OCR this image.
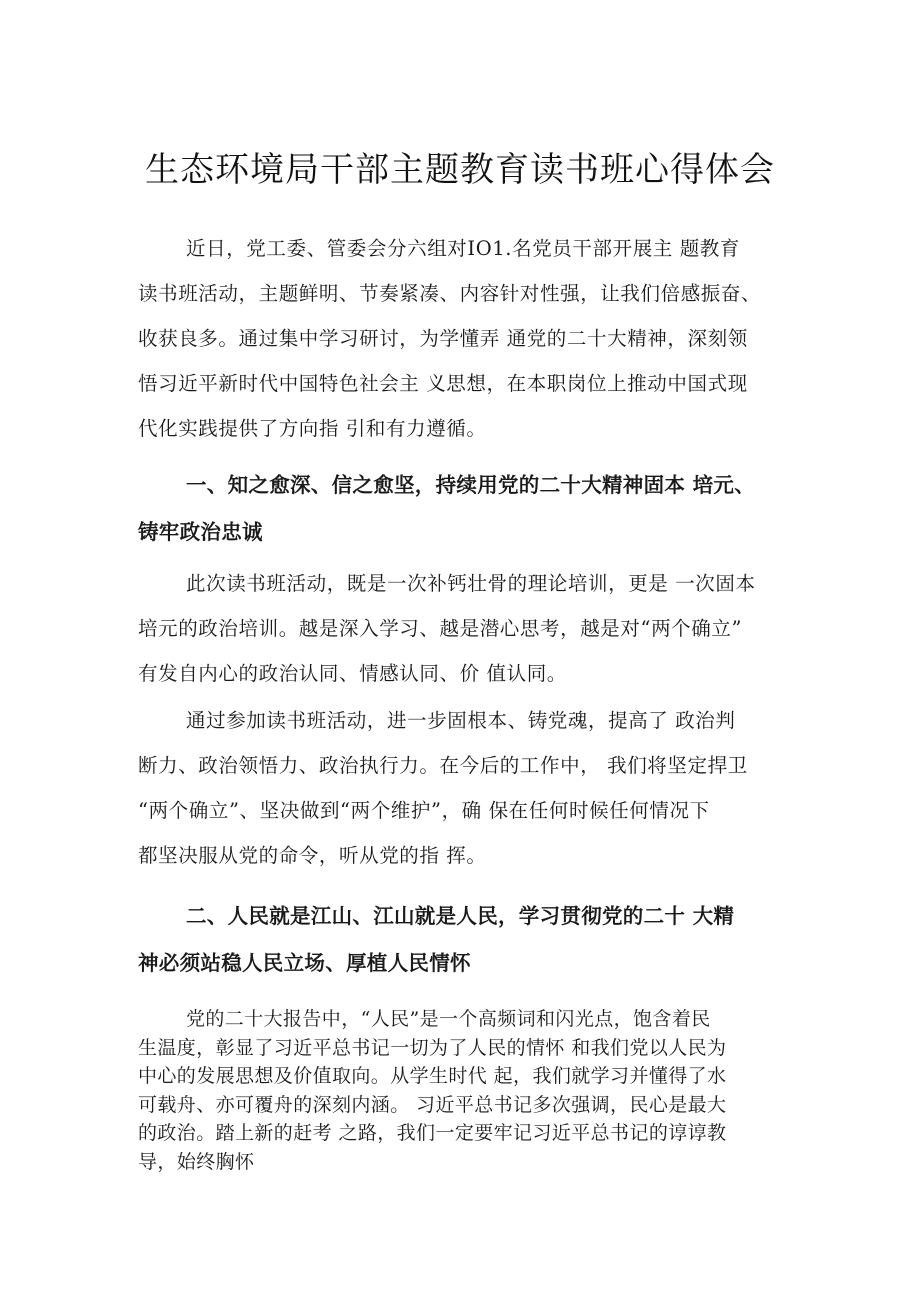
生态环境局干部主题教育读书班心得体会
近日，党工委、管委会分六组对IO1.名党员干部开展主 题教育
读书班活动，主题鲜明、节奏紧凑、内容针对性强，让我们倍感振奋、
收获良多。通过集中学习研讨，为学懂弄 通党的二十大精神，深刻领
悟习近平新时代中国特色社会主 义思想，在本职岗位上推动中国式现
代化实践提供了方向指 引和有力遵循。
一、知之愈深、信之愈坚，持续用党的二十大精神固本 培元、
铸牢政治忠诚
此次读书班活动，既是一次补钙壮骨的理论培训，更是 一次固本
培元的政治培训。越是深入学习、越是潜心思考，越是对“两个确立”
有发自内心的政治认同、情感认同、价 值认同。
通过参加读书班活动，进一步固根本、铸党魂，提高了 政治判
断力、政治领悟力、政治执行力。在今后的工作中， 我们将坚定捍卫
“两个确立”、坚决做到“两个维护”，确 保在任何时候任何情况下
都坚决服从党的命令，听从党的指 挥。
二、人民就是江山、江山就是人民，学习贯彻党的二十 大精
神必须站稳人民立场、厚植人民情怀
党的二十大报告中，“人民”是一个高频词和闪光点，饱含着民
生温度，彰显了习近平总书记一切为了人民的情怀 和我们党以人民为
中心的发展思想及价值取向。从学生时代 起，我们就学习并懂得了水
可载舟、亦可覆舟的深刻内涵。 习近平总书记多次强调，民心是最大
的政治。踏上新的赶考 之路，我们一定要牢记习近平总书记的谆谆教
导，始终胸怀
